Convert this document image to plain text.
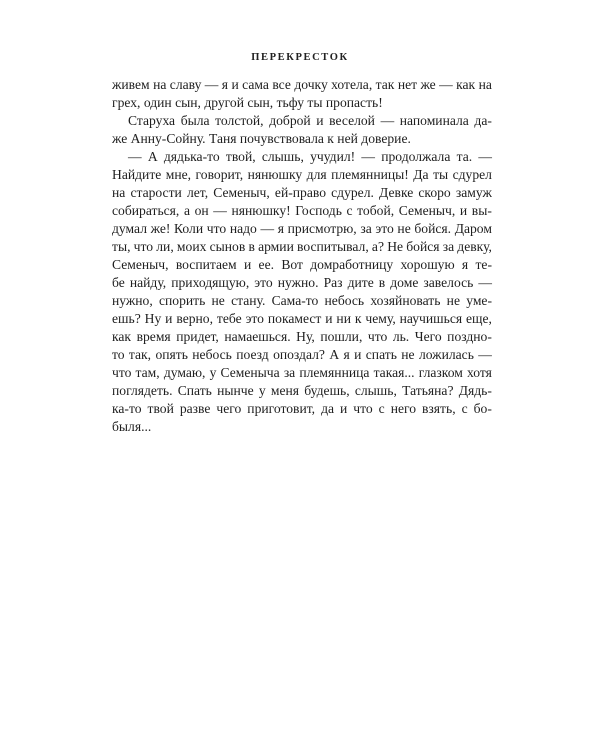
ПЕРЕКРЕСТОК
живем на славу — я и сама все дочку хотела, так нет же — как на
грех, один сын, другой сын, тьфу ты пропасть!
Старуха была толстой, доброй и веселой — напоминала да-
же Анну-Сойну. Таня почувствовала к ней доверие.
— А дядька-то твой, слышь, учудил! — продолжала та. —
Найдите мне, говорит, нянюшку для племянницы! Да ты сдурел
на старости лет, Семеныч, ей-право сдурел. Девке скоро замуж
собираться, а он — нянюшку! Господь с тобой, Семеныч, и вы-
думал же! Коли что надо — я присмотрю, за это не бойся. Даром
ты, что ли, моих сынов в армии воспитывал, а? Не бойся за девку,
Семеныч, воспитаем и ее. Вот домработницу хорошую я те-
бе найду, приходящую, это нужно. Раз дите в доме завелось —
нужно, спорить не стану. Сама-то небось хозяйновать не уме-
ешь? Ну и верно, тебе это покамест и ни к чему, научишься еще,
как время придет, намаешься. Ну, пошли, что ль. Чего поздно-
то так, опять небось поезд опоздал? А я и спать не ложилась —
что там, думаю, у Семеныча за племянница такая... глазком хотя
поглядеть. Спать нынче у меня будешь, слышь, Татьяна? Дядь-
ка-то твой разве чего приготовит, да и что с него взять, с бо-
быля...
